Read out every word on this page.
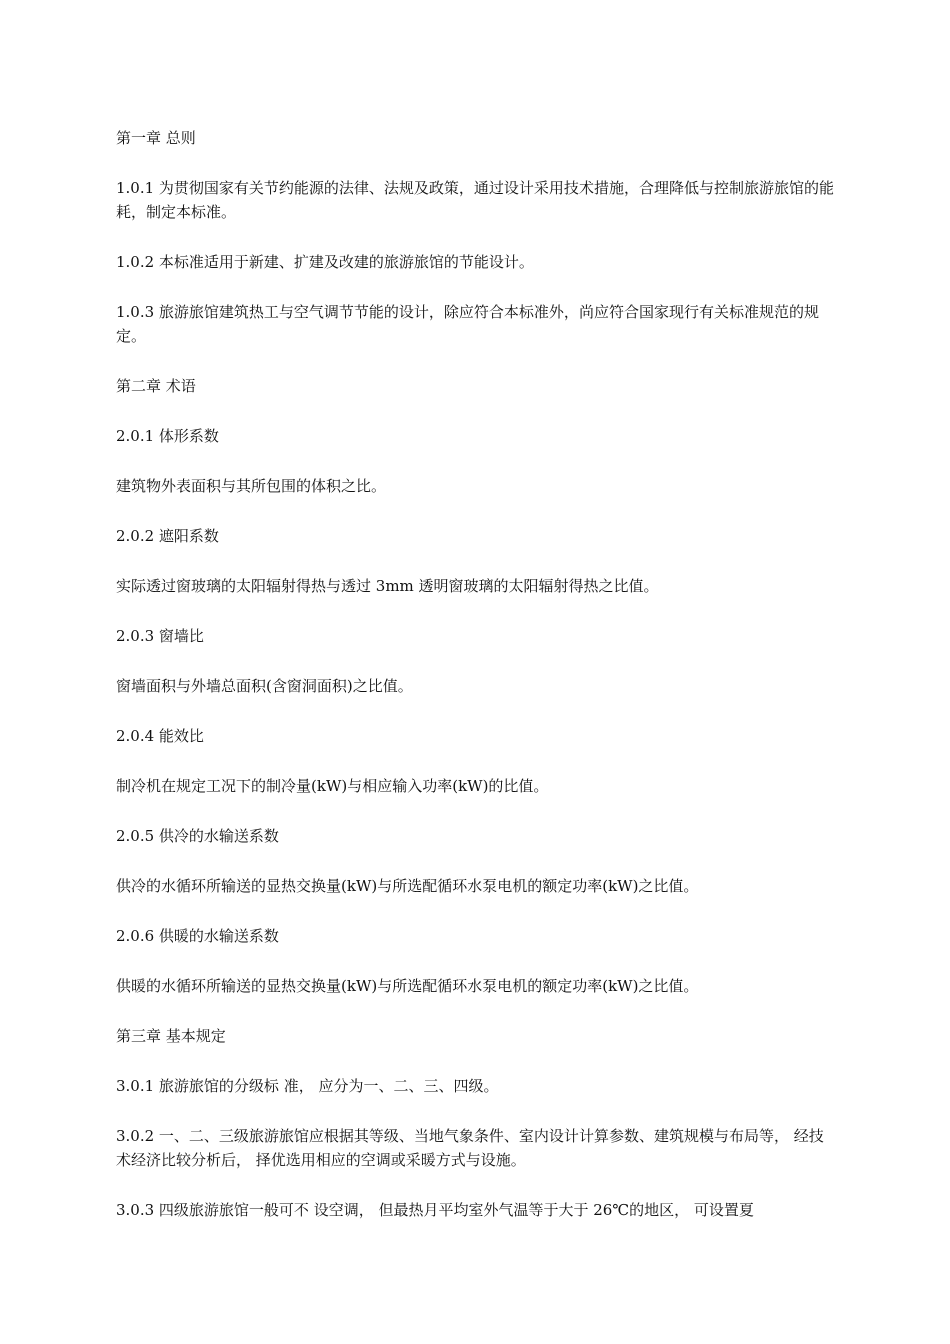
第一章 总则

1.0.1 为贯彻国家有关节约能源的法律、法规及政策，通过设计采用技术措施，合理降低与控制旅游旅馆的能耗，制定本标准。

1.0.2 本标准适用于新建、扩建及改建的旅游旅馆的节能设计。

1.0.3 旅游旅馆建筑热工与空气调节节能的设计，除应符合本标准外，尚应符合国家现行有关标准规范的规定。

第二章 术语

2.0.1 体形系数

建筑物外表面积与其所包围的体积之比。

2.0.2 遮阳系数

实际透过窗玻璃的太阳辐射得热与透过 3mm 透明窗玻璃的太阳辐射得热之比值。

2.0.3 窗墙比

窗墙面积与外墙总面积(含窗洞面积)之比值。

2.0.4 能效比

制冷机在规定工况下的制冷量(kW)与相应输入功率(kW)的比值。

2.0.5 供冷的水输送系数

供冷的水循环所输送的显热交换量(kW)与所选配循环水泵电机的额定功率(kW)之比值。

2.0.6 供暖的水输送系数

供暖的水循环所输送的显热交换量(kW)与所选配循环水泵电机的额定功率(kW)之比值。

第三章 基本规定

3.0.1 旅游旅馆的分级标 准， 应分为一、二、三、四级。

3.0.2 一、二、三级旅游旅馆应根据其等级、当地气象条件、室内设计计算参数、建筑规模与布局等， 经技术经济比较分析后， 择优选用相应的空调或采暖方式与设施。

3.0.3 四级旅游旅馆一般可不 设空调， 但最热月平均室外气温等于大于 26℃的地区， 可设置夏
